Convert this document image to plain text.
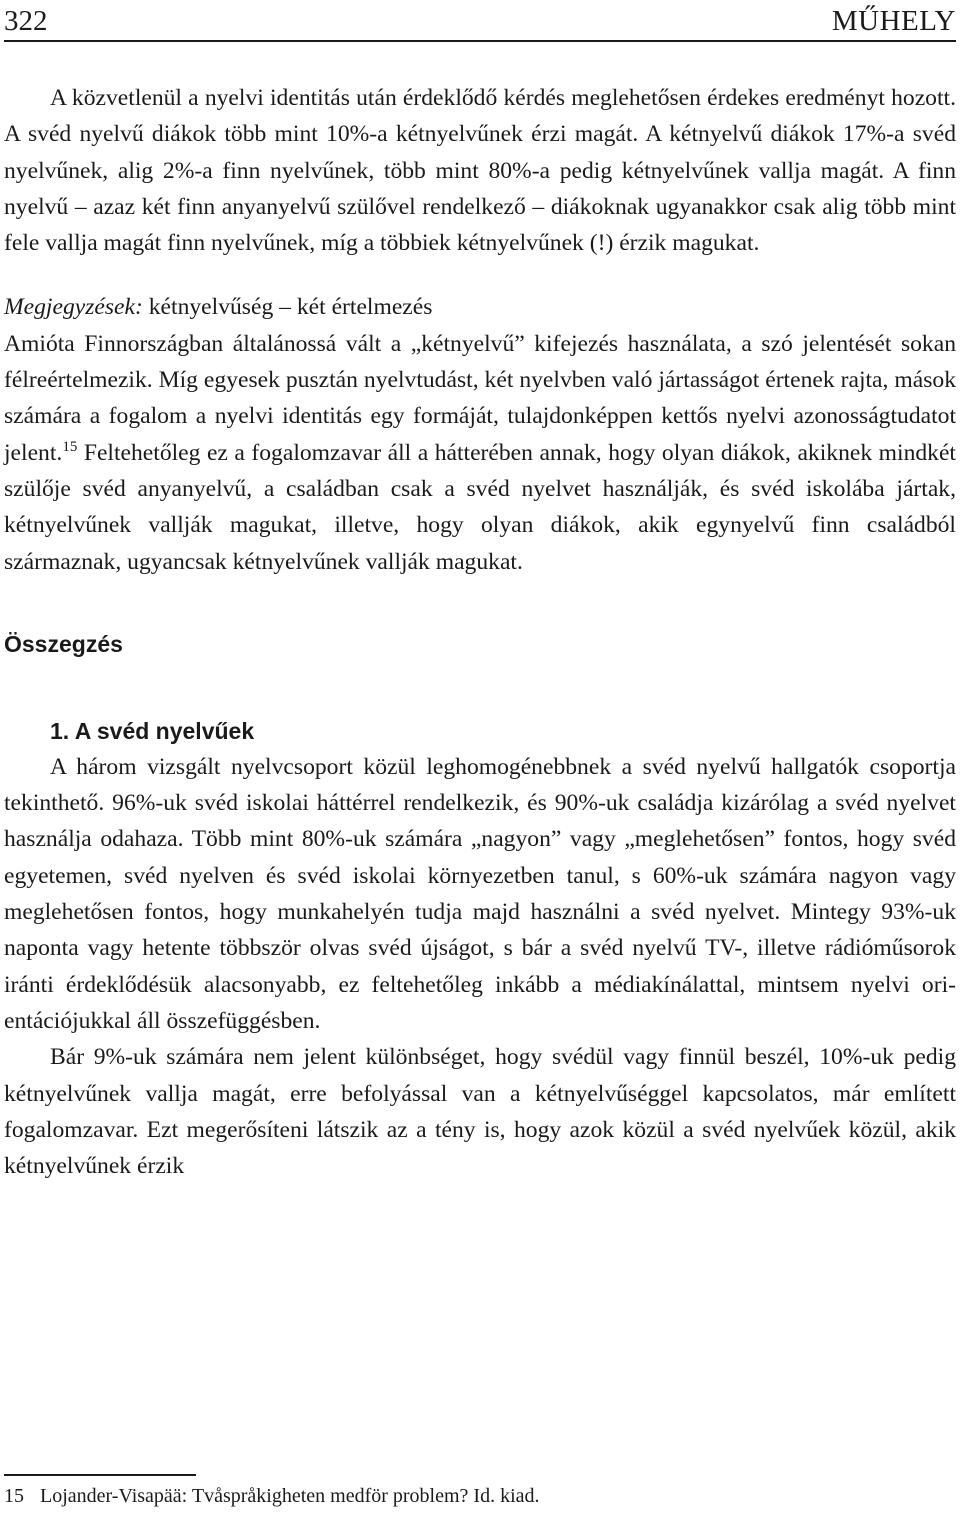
322	MŰHELY

A közvetlenül a nyelvi identitás után érdeklődő kérdés meglehetősen érdekes eredményt hozott. A svéd nyelvű diákok több mint 10%-a kétnyelvűnek érzi magát. A kétnyelvű diákok 17%-a svéd nyelvűnek, alig 2%-a finn nyelvűnek, több mint 80%-a pedig kétnyelvűnek vallja magát. A finn nyelvű – azaz két finn anyanyelvű szülővel rendelkező – diákoknak ugyanakkor csak alig több mint fele vallja magát finn nyelvűnek, míg a többiek kétnyelvűnek (!) érzik magukat.

Megjegyzések: kétnyelvűség – két értelmezés

Amióta Finnországban általánossá vált a „kétnyelvű” kifejezés használata, a szó jelentését sokan félreértelmezik. Míg egyesek pusztán nyelvtudást, két nyelvben való jártasságot értenek rajta, mások számára a fogalom a nyelvi identitás egy formáját, tulajdonképpen kettős nyelvi azonosságtudatot jelent.$^{15}$ Feltehetőleg ez a fogalomzavar áll a hátterében annak, hogy olyan diákok, akiknek mindkét szülője svéd anyanyelvű, a családban csak a svéd nyelvet használják, és svéd iskolába jártak, kétnyelvűnek vallják magukat, illetve, hogy olyan diákok, akik egynyelvű finn családból származnak, ugyancsak kétnyelvűnek vallják magukat.

Összegzés
1. A svéd nyelvűek

A három vizsgált nyelvcsoport közül leghomogénebbnek a svéd nyelvű hallgatók csoportja tekinthető. 96%-uk svéd iskolai háttérrel rendelkezik, és 90%-uk családja kizárólag a svéd nyelvet használja odahaza. Több mint 80%-uk számára „nagyon” vagy „meglehetősen” fontos, hogy svéd egyetemen, svéd nyelven és svéd iskolai környezetben tanul, s 60%-uk számára nagyon vagy meglehetősen fontos, hogy munkahelyén tudja majd használni a svéd nyelvet. Mintegy 93%-uk naponta vagy hetente többször olvas svéd újságot, s bár a svéd nyelvű TV-, illetve rádióműsorok iránti érdeklődésük alacsonyabb, ez feltehetőleg inkább a médiakínálattal, mintsem nyelvi orientációjukkal áll összefüggésben.

Bár 9%-uk számára nem jelent különbséget, hogy svédül vagy finnül beszél, 10%-uk pedig kétnyelvűnek vallja magát, erre befolyással van a kétnyelvűséggel kapcsolatos, már említett fogalomzavar. Ezt megerősíteni látszik az a tény is, hogy azok közül a svéd nyelvűek közül, akik kétnyelvűnek érzik

15 Lojander-Visapää: Tvåspråkigheten medför problem? Id. kiad.
